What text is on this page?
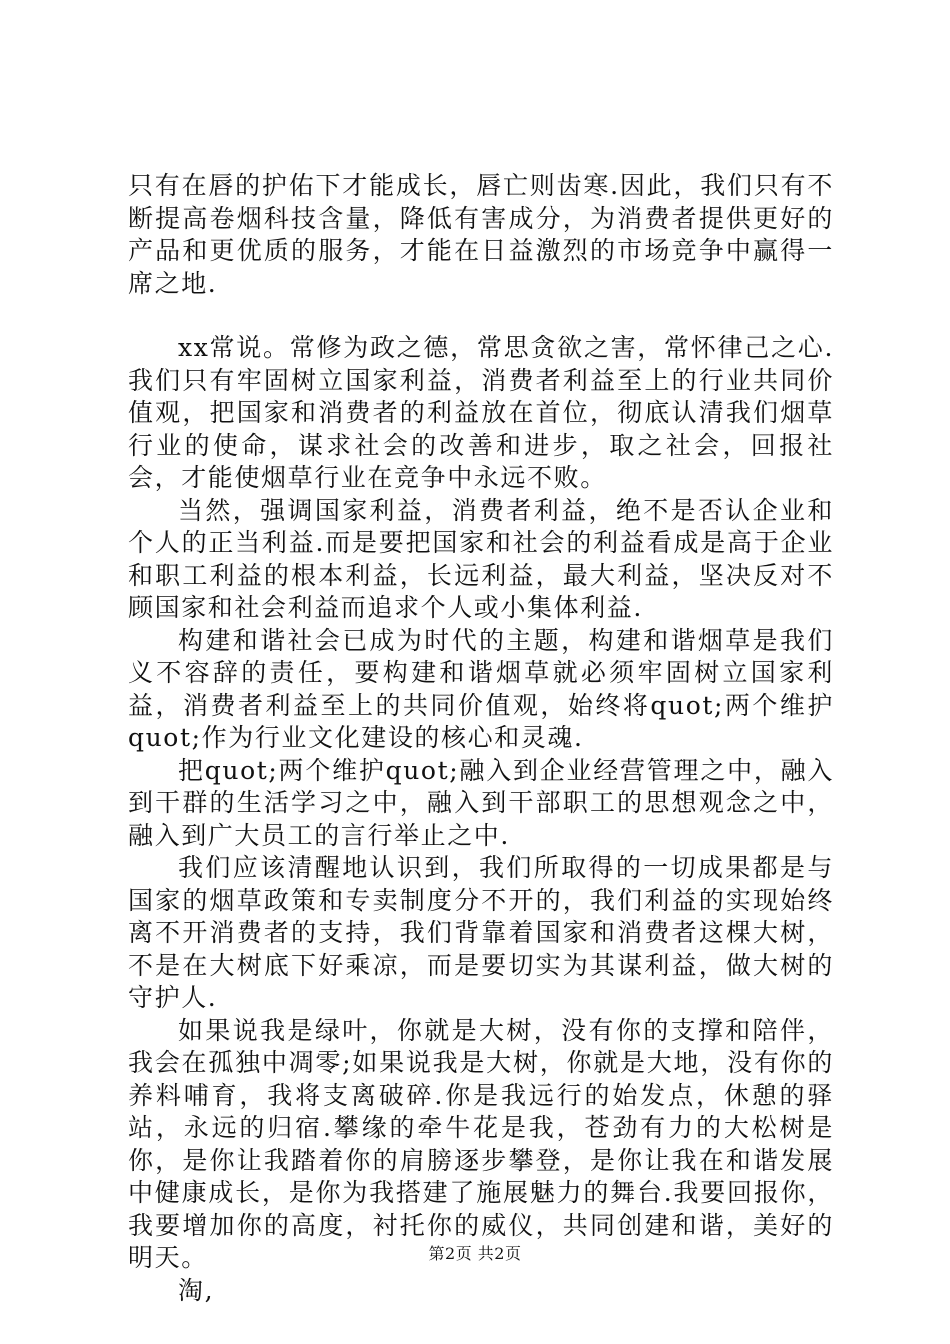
只有在唇的护佑下才能成长，唇亡则齿寒.因此，我们只有不断提高卷烟科技含量，降低有害成分，为消费者提供更好的产品和更优质的服务，才能在日益激烈的市场竞争中赢得一席之地.

xx常说。常修为政之德，常思贪欲之害，常怀律己之心.我们只有牢固树立国家利益，消费者利益至上的行业共同价值观，把国家和消费者的利益放在首位，彻底认清我们烟草行业的使命，谋求社会的改善和进步，取之社会，回报社会，才能使烟草行业在竞争中永远不败。

当然，强调国家利益，消费者利益，绝不是否认企业和个人的正当利益.而是要把国家和社会的利益看成是高于企业和职工利益的根本利益，长远利益，最大利益，坚决反对不顾国家和社会利益而追求个人或小集体利益.

构建和谐社会已成为时代的主题，构建和谐烟草是我们义不容辞的责任，要构建和谐烟草就必须牢固树立国家利益，消费者利益至上的共同价值观，始终将quot;两个维护quot;作为行业文化建设的核心和灵魂.

把quot;两个维护quot;融入到企业经营管理之中，融入到干群的生活学习之中，融入到干部职工的思想观念之中，融入到广大员工的言行举止之中.

我们应该清醒地认识到，我们所取得的一切成果都是与国家的烟草政策和专卖制度分不开的，我们利益的实现始终离不开消费者的支持，我们背靠着国家和消费者这棵大树，不是在大树底下好乘凉，而是要切实为其谋利益，做大树的守护人.

如果说我是绿叶，你就是大树，没有你的支撑和陪伴，我会在孤独中凋零;如果说我是大树，你就是大地，没有你的养料哺育，我将支离破碎.你是我远行的始发点，休憩的驿站，永远的归宿.攀缘的牵牛花是我，苍劲有力的大松树是你，是你让我踏着你的肩膀逐步攀登，是你让我在和谐发展中健康成长，是你为我搭建了施展魅力的舞台.我要回报你，我要增加你的高度，衬托你的威仪，共同创建和谐，美好的明天。

淘,

第2页 共2页
